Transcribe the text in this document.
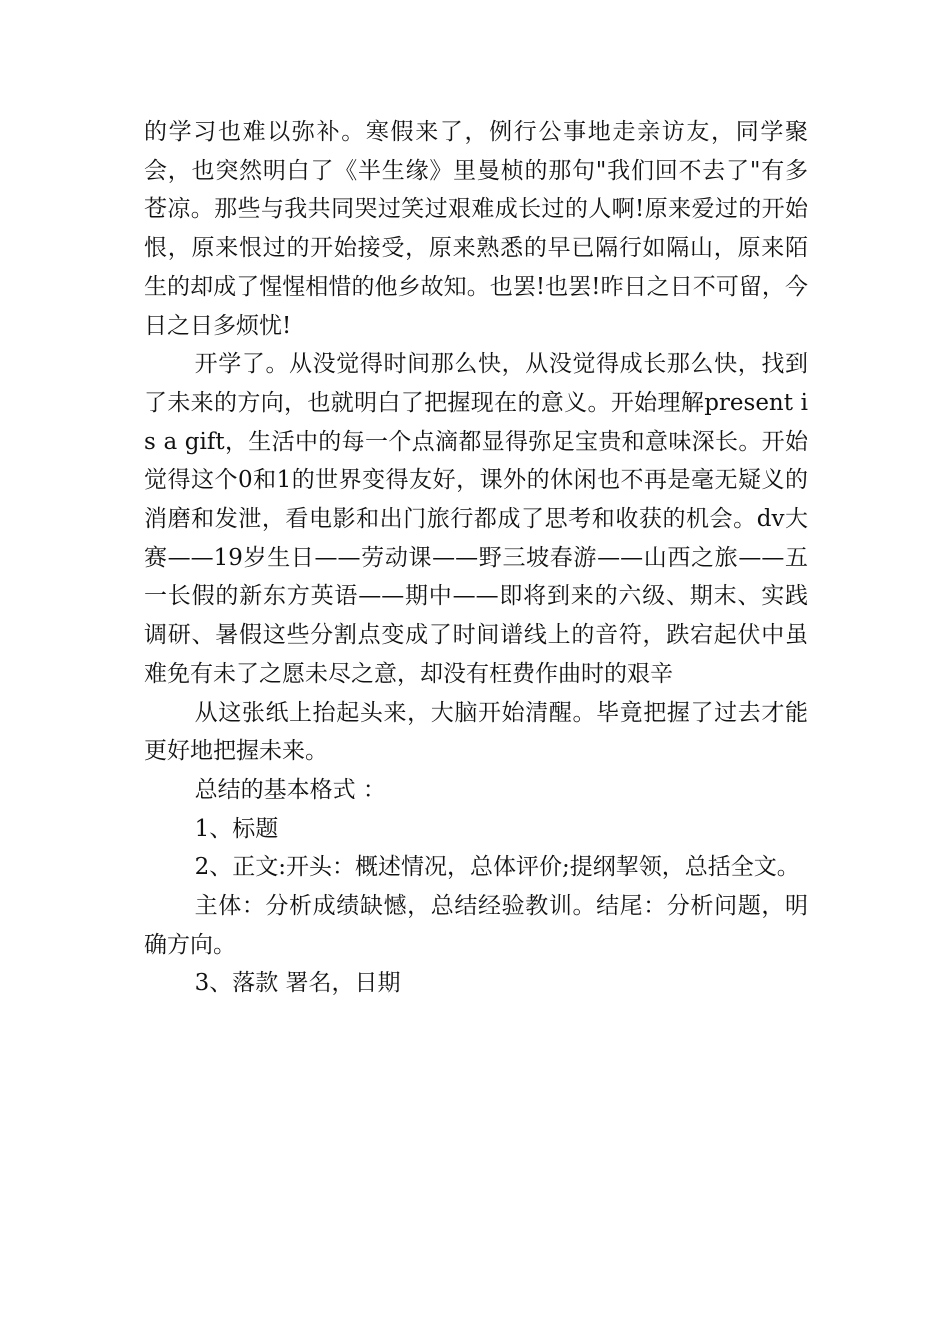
的学习也难以弥补。寒假来了，例行公事地走亲访友，同学聚会，也突然明白了《半生缘》里曼桢的那句"我们回不去了"有多苍凉。那些与我共同哭过笑过艰难成长过的人啊!原来爱过的开始恨，原来恨过的开始接受，原来熟悉的早已隔行如隔山，原来陌生的却成了惺惺相惜的他乡故知。也罢!也罢!昨日之日不可留，今日之日多烦忧!

开学了。从没觉得时间那么快，从没觉得成长那么快，找到了未来的方向，也就明白了把握现在的意义。开始理解present is a gift，生活中的每一个点滴都显得弥足宝贵和意味深长。开始觉得这个0和1的世界变得友好，课外的休闲也不再是毫无疑义的消磨和发泄，看电影和出门旅行都成了思考和收获的机会。dv大赛——19岁生日——劳动课——野三坡春游——山西之旅——五一长假的新东方英语——期中——即将到来的六级、期末、实践调研、暑假这些分割点变成了时间谱线上的音符，跌宕起伏中虽难免有未了之愿未尽之意，却没有枉费作曲时的艰辛

从这张纸上抬起头来，大脑开始清醒。毕竟把握了过去才能更好地把握未来。

总结的基本格式 ：

1、标题

2、正文:开头：概述情况，总体评价;提纲挈领，总括全文。

主体：分析成绩缺憾，总结经验教训。结尾：分析问题，明确方向。

3、落款 署名，日期
